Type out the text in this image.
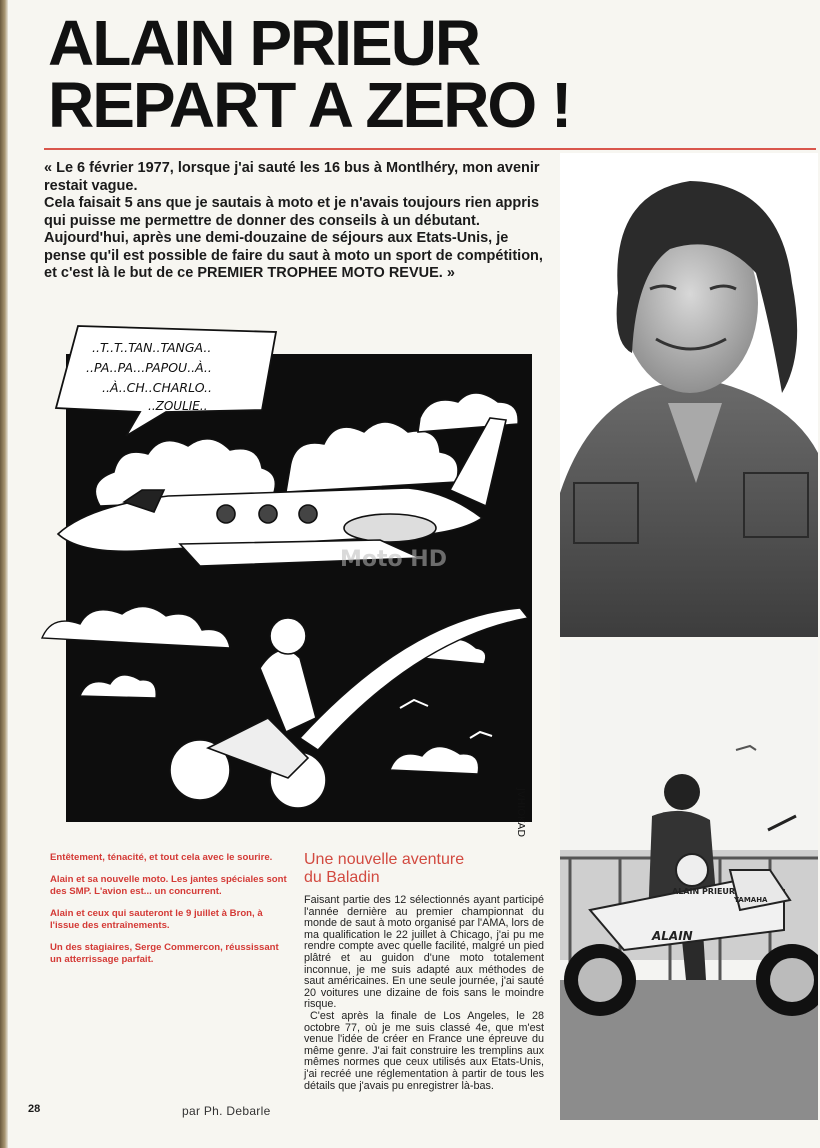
ALAIN PRIEUR
REPART A ZERO !

« Le 6 février 1977, lorsque j'ai sauté les 16 bus à Montlhéry, mon avenir restait vague.

Cela faisait 5 ans que je sautais à moto et je n'avais toujours rien appris qui puisse me permettre de donner des conseils à un débutant. Aujourd'hui, après une demi-douzaine de séjours aux Etats-Unis, je pense qu'il est possible de faire du saut à moto un sport de compétition, et c'est là le but de ce PREMIER TROPHEE MOTO REVUE. »

..T..T..TAN..TANGA..
..PA..PA...PAPOU..À..
..À..CH..CHARLO..
..ZOULIE..
JVHIOKAD
Moto HD
ALAIN PRIEUR
YAMAHA
ALAIN

Entêtement, ténacité, et tout cela avec le sourire.

Alain et sa nouvelle moto. Les jantes spéciales sont des SMP. L'avion est... un concurrent.

Alain et ceux qui sauteront le 9 juillet à Bron, à l'issue des entraînements.

Un des stagiaires, Serge Commercon, réussissant un atterrissage parfait.

Une nouvelle aventure
du Baladin

Faisant partie des 12 sélectionnés ayant participé l'année dernière au premier championnat du monde de saut à moto organisé par l'AMA, lors de ma qualification le 22 juillet à Chicago, j'ai pu me rendre compte avec quelle facilité, malgré un pied plâtré et au guidon d'une moto totalement inconnue, je me suis adapté aux méthodes de saut américaines. En une seule journée, j'ai sauté 20 voitures une dizaine de fois sans le moindre risque.

C'est après la finale de Los Angeles, le 28 octobre 77, où je me suis classé 4e, que m'est venue l'idée de créer en France une épreuve du même genre. J'ai fait construire les tremplins aux mêmes normes que ceux utilisés aux Etats-Unis, j'ai recréé une réglementation à partir de tous les détails que j'avais pu enregistrer là-bas.

28	par Ph. Debarle
